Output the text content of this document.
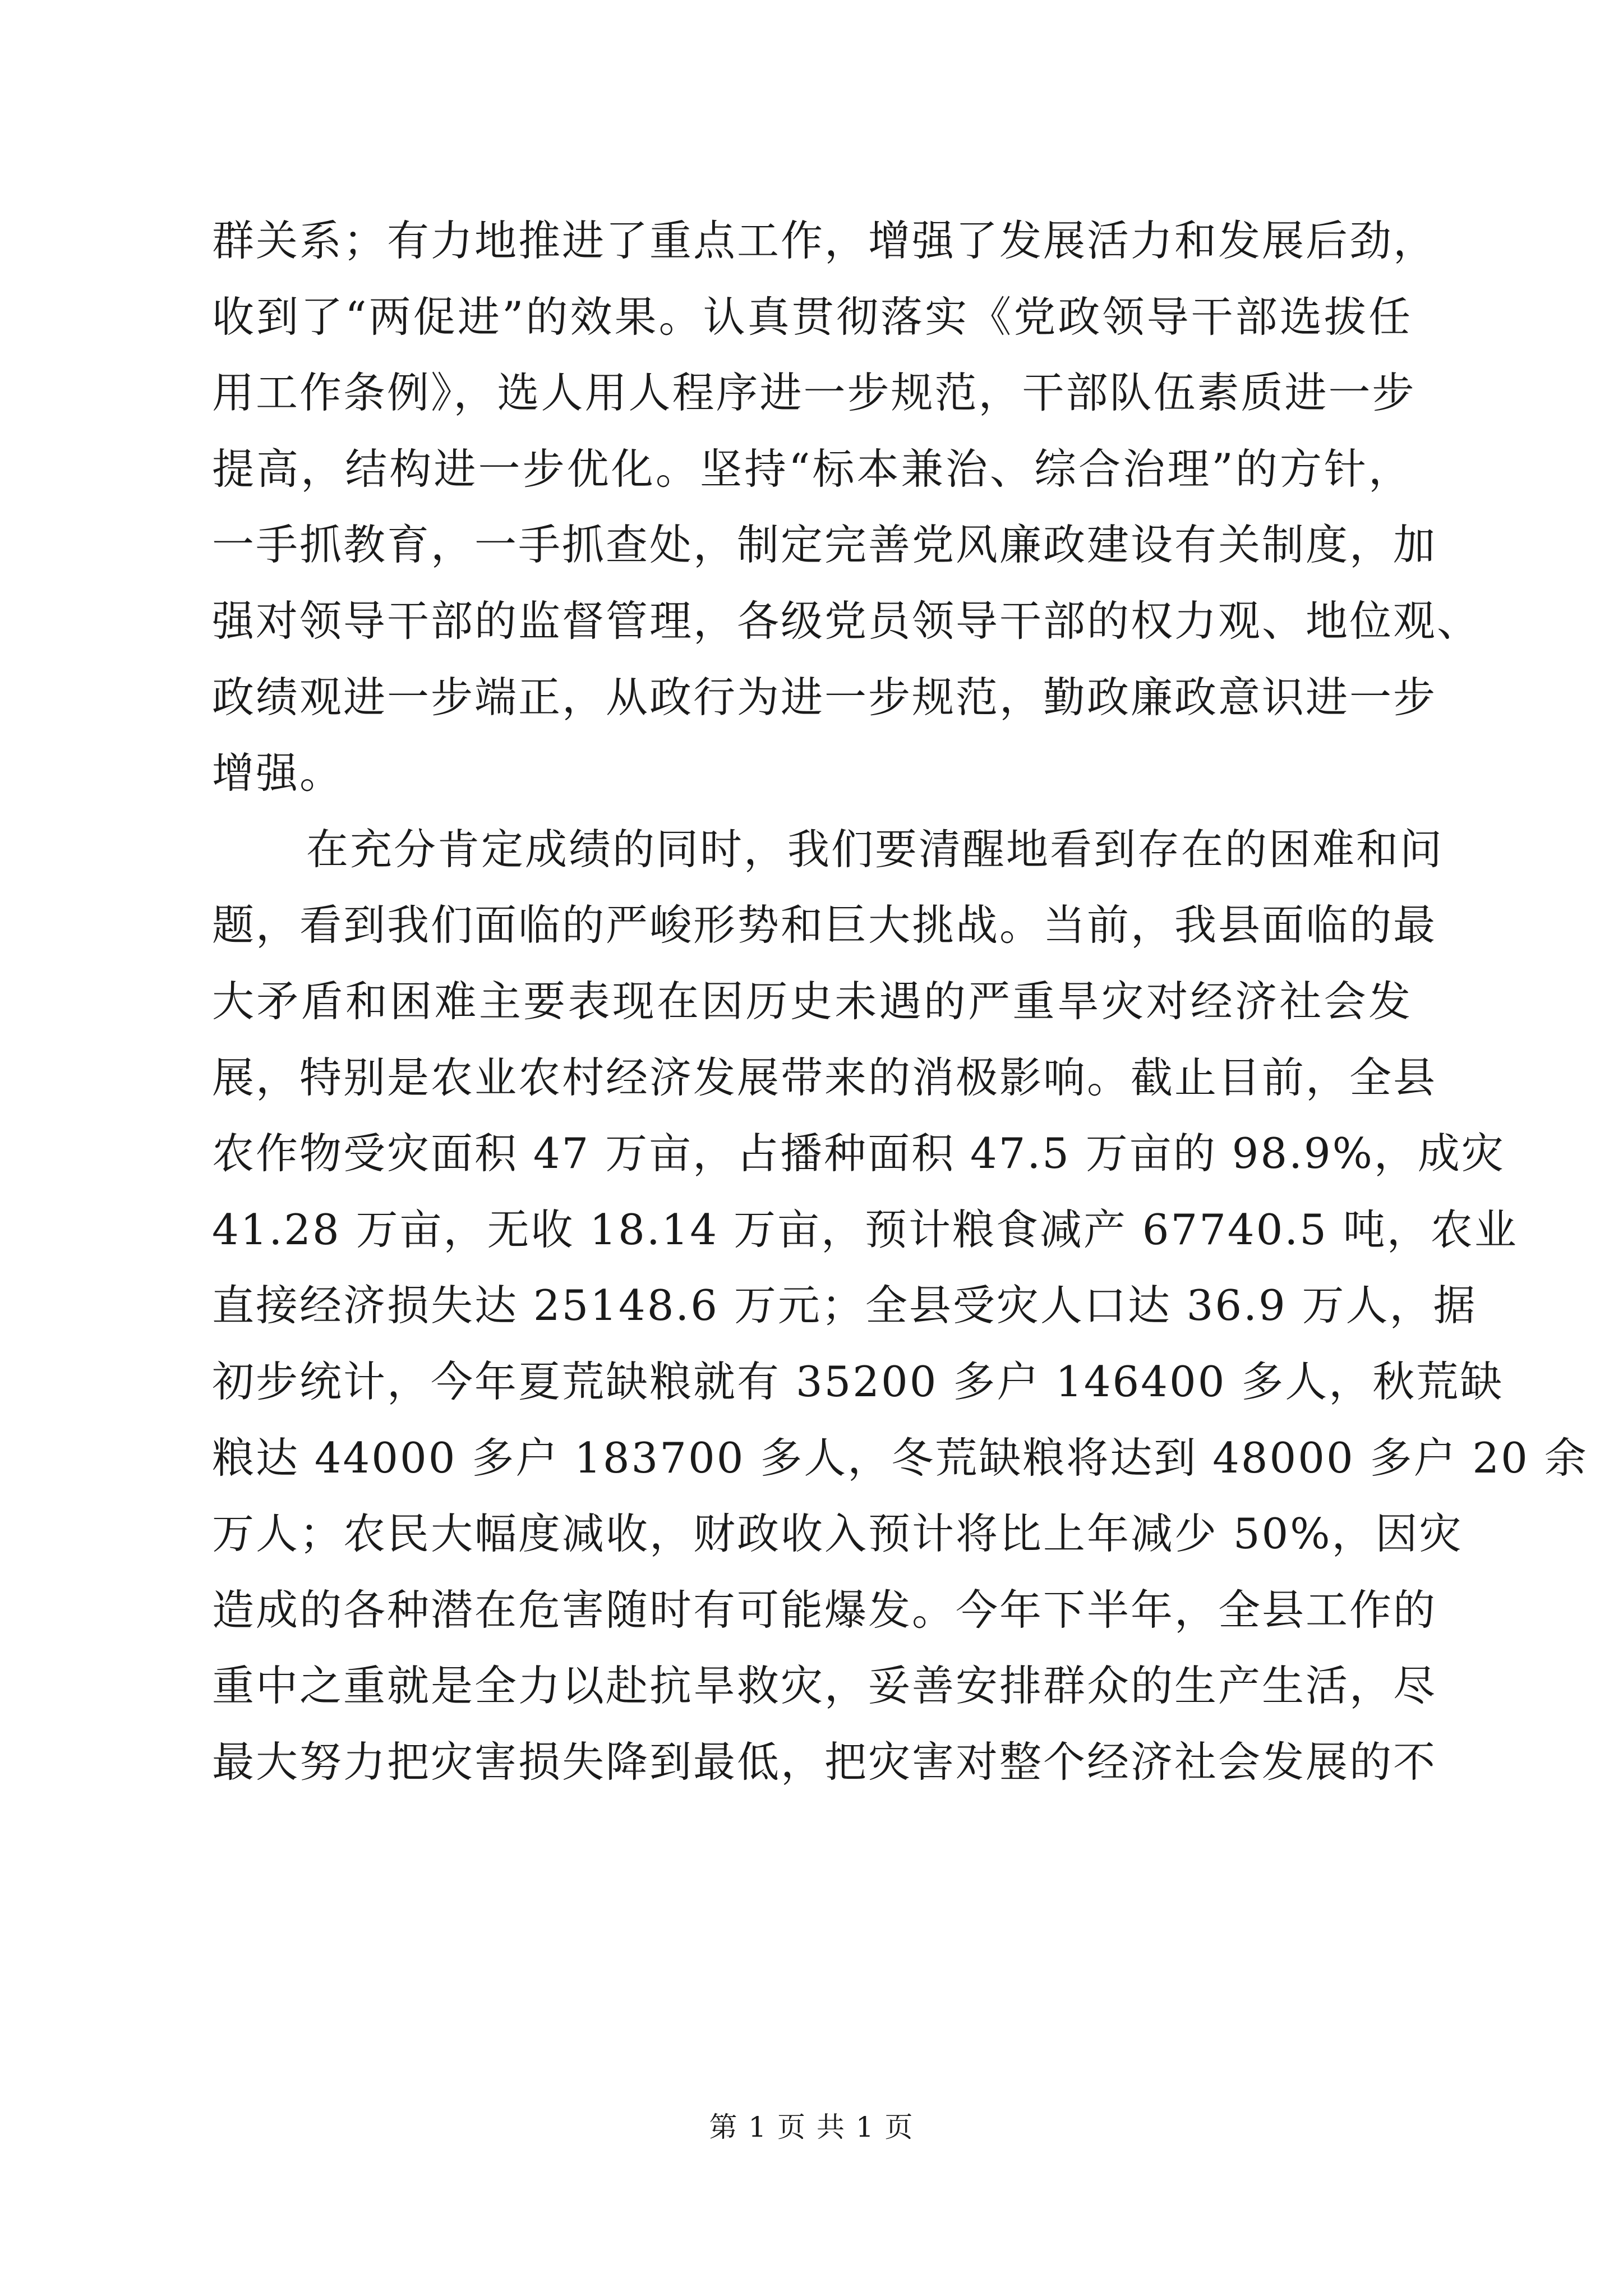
群关系；有力地推进了重点工作，增强了发展活力和发展后劲，
收到了“两促进”的效果。认真贯彻落实《党政领导干部选拔任
用工作条例》，选人用人程序进一步规范，干部队伍素质进一步
提高，结构进一步优化。坚持“标本兼治、综合治理”的方针，
一手抓教育，一手抓查处，制定完善党风廉政建设有关制度，加
强对领导干部的监督管理，各级党员领导干部的权力观、地位观、
政绩观进一步端正，从政行为进一步规范，勤政廉政意识进一步
增强。
在充分肯定成绩的同时，我们要清醒地看到存在的困难和问
题，看到我们面临的严峻形势和巨大挑战。当前，我县面临的最
大矛盾和困难主要表现在因历史未遇的严重旱灾对经济社会发
展，特别是农业农村经济发展带来的消极影响。截止目前，全县
农作物受灾面积 47 万亩，占播种面积 47.5 万亩的 98.9%，成灾
41.28 万亩，无收 18.14 万亩，预计粮食减产 67740.5 吨，农业
直接经济损失达 25148.6 万元；全县受灾人口达 36.9 万人，据
初步统计，今年夏荒缺粮就有 35200 多户 146400 多人，秋荒缺
粮达 44000 多户 183700 多人，冬荒缺粮将达到 48000 多户 20 余
万人；农民大幅度减收，财政收入预计将比上年减少 50%，因灾
造成的各种潜在危害随时有可能爆发。今年下半年，全县工作的
重中之重就是全力以赴抗旱救灾，妥善安排群众的生产生活，尽
最大努力把灾害损失降到最低，把灾害对整个经济社会发展的不
第 1 页 共 1 页
